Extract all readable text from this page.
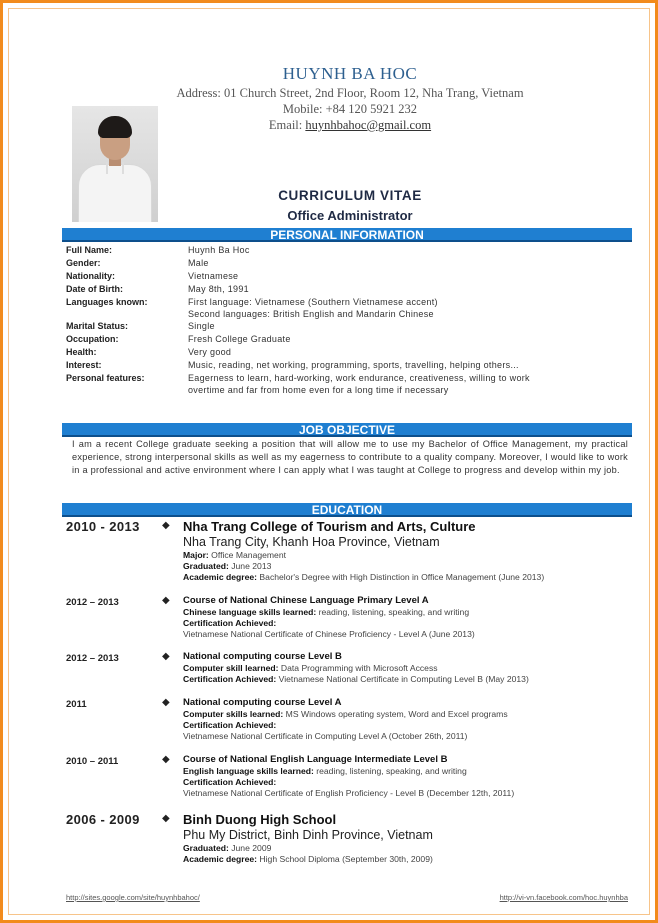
HUYNH BA HOC
Address: 01 Church Street, 2nd Floor, Room 12, Nha Trang, Vietnam
Mobile: +84 120 5921 232
Email: huynhbahoc@gmail.com
CURRICULUM VITAE
Office Administrator
PERSONAL INFORMATION
Full Name:	Huynh Ba Hoc
Gender:	Male
Nationality:	Vietnamese
Date of Birth:	May 8th, 1991
Languages known:	First language: Vietnamese (Southern Vietnamese accent)
Second languages: British English and Mandarin Chinese
Marital Status:	Single
Occupation:	Fresh College Graduate
Health:	Very good
Interest:	Music, reading, net working, programming, sports, travelling, helping others...
Personal features:	Eagerness to learn, hard-working, work endurance, creativeness, willing to work
overtime and far from home even for a long time if necessary
JOB OBJECTIVE
I am a recent College graduate seeking a position that will allow me to use my Bachelor of Office Management, my practical experience, strong interpersonal skills as well as my eagerness to contribute to a quality company. Moreover, I would like to work in a professional and active environment where I can apply what I was taught at College to progress and develop within my job.
EDUCATION
2010 - 2013	◆ Nha Trang College of Tourism and Arts, Culture
Nha Trang City, Khanh Hoa Province, Vietnam
Major: Office Management
Graduated: June 2013
Academic degree: Bachelor's Degree with High Distinction in Office Management (June 2013)
2012 – 2013	◆ Course of National Chinese Language Primary Level A
Chinese language skills learned: reading, listening, speaking, and writing
Certification Achieved:
Vietnamese National Certificate of Chinese Proficiency - Level A (June 2013)
2012 – 2013	◆ National computing course Level B
Computer skill learned: Data Programming with Microsoft Access
Certification Achieved: Vietnamese National Certificate in Computing Level B (May 2013)
2011	◆ National computing course Level A
Computer skills learned: MS Windows operating system, Word and Excel programs
Certification Achieved:
Vietnamese National Certificate in Computing Level A (October 26th, 2011)
2010 – 2011	◆ Course of National English Language Intermediate Level B
English language skills learned: reading, listening, speaking, and writing
Certification Achieved:
Vietnamese National Certificate of English Proficiency - Level B (December 12th, 2011)
2006 - 2009	◆ Binh Duong High School
Phu My District, Binh Dinh Province, Vietnam
Graduated: June 2009
Academic degree: High School Diploma (September 30th, 2009)
http://sites.google.com/site/huynhbahoc/	http://vi-vn.facebook.com/hoc.huynhba
